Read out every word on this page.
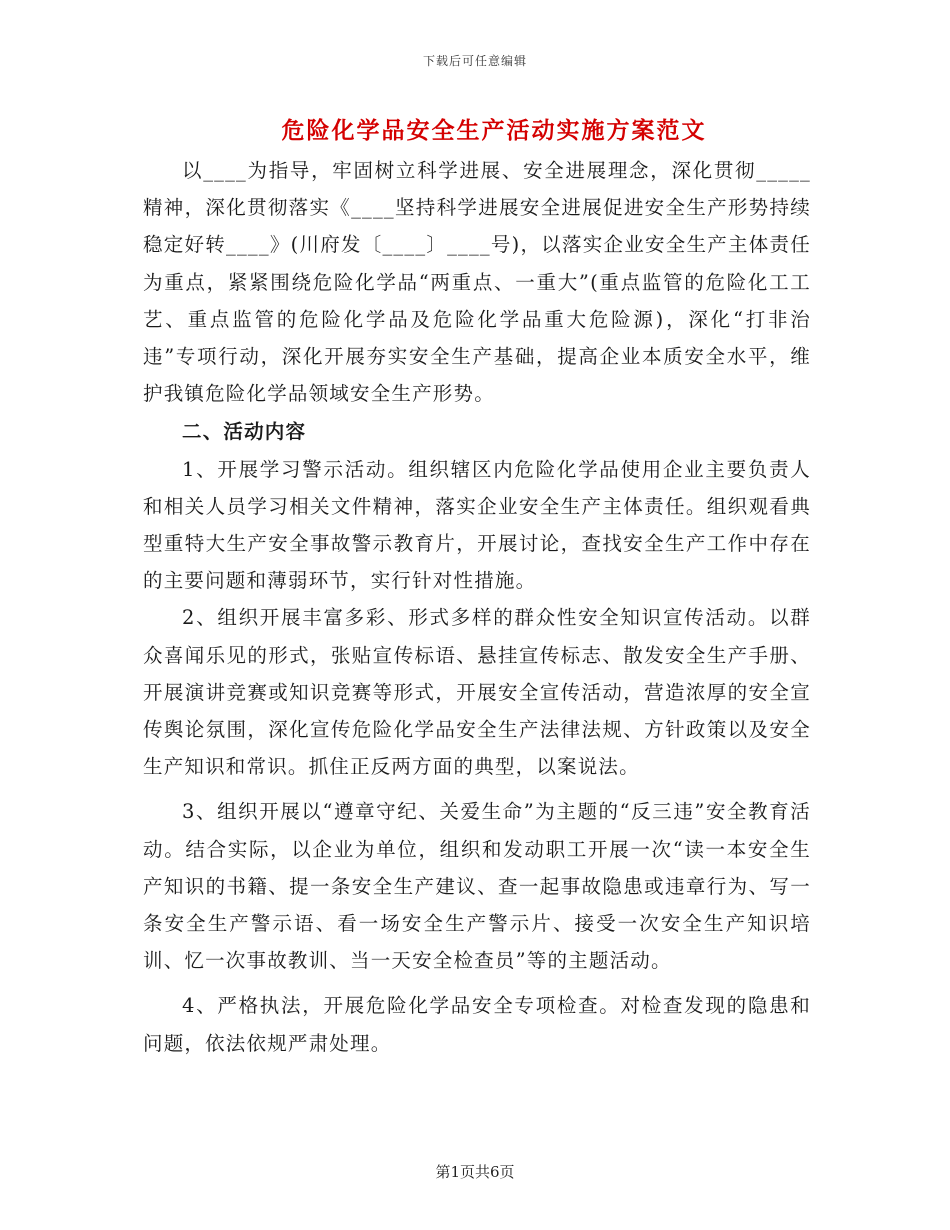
下载后可任意编辑
危险化学品安全生产活动实施方案范文

以____为指导，牢固树立科学进展、安全进展理念，深化贯彻_____精神，深化贯彻落实《____坚持科学进展安全进展促进安全生产形势持续稳定好转____》(川府发〔____〕____号)，以落实企业安全生产主体责任为重点，紧紧围绕危险化学品“两重点、一重大”(重点监管的危险化工工艺、重点监管的危险化学品及危险化学品重大危险源)，深化“打非治违”专项行动，深化开展夯实安全生产基础，提高企业本质安全水平，维护我镇危险化学品领域安全生产形势。

二、活动内容

1、开展学习警示活动。组织辖区内危险化学品使用企业主要负责人和相关人员学习相关文件精神，落实企业安全生产主体责任。组织观看典型重特大生产安全事故警示教育片，开展讨论，查找安全生产工作中存在的主要问题和薄弱环节，实行针对性措施。

2、组织开展丰富多彩、形式多样的群众性安全知识宣传活动。以群众喜闻乐见的形式，张贴宣传标语、悬挂宣传标志、散发安全生产手册、开展演讲竞赛或知识竞赛等形式，开展安全宣传活动，营造浓厚的安全宣传舆论氛围，深化宣传危险化学品安全生产法律法规、方针政策以及安全生产知识和常识。抓住正反两方面的典型，以案说法。

3、组织开展以“遵章守纪、关爱生命”为主题的“反三违”安全教育活动。结合实际，以企业为单位，组织和发动职工开展一次“读一本安全生产知识的书籍、提一条安全生产建议、查一起事故隐患或违章行为、写一条安全生产警示语、看一场安全生产警示片、接受一次安全生产知识培训、忆一次事故教训、当一天安全检查员”等的主题活动。

4、严格执法，开展危险化学品安全专项检查。对检查发现的隐患和问题，依法依规严肃处理。

第1页共6页
